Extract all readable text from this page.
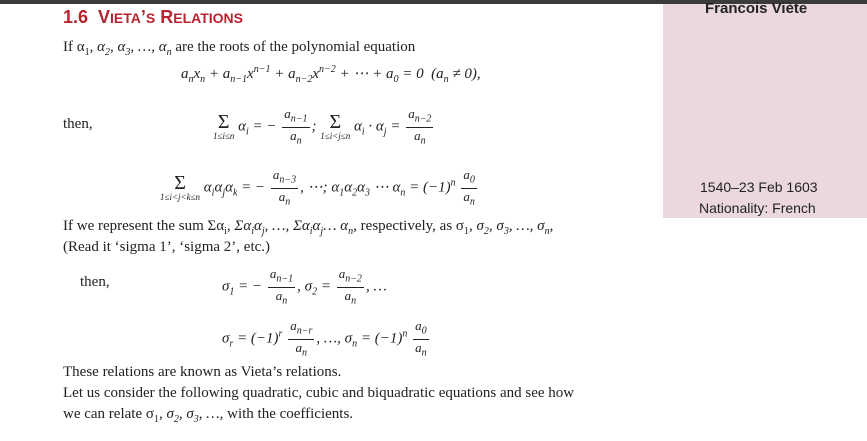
Francois Viète
1540–23 Feb 1603
Nationality: French
1.6 VIETA’S RELATIONS
If $\alpha_1$, $\alpha_2$, $\alpha_3$, …, $\alpha_n$ are the roots of the polynomial equation
$a_nx_n + a_{n-1}x^{n-1} + a_{n-2}x^{n-2}$ + ⋯ + $a_0 = 0$  $(a_n \ne 0)$,
then,	Σ
1≤i≤n
$\alpha_i$ = − $\frac{a_{n-1}}{a_n}$ ; Σ
1≤i<j≤n
$\alpha_i \cdot \alpha_j = \frac{a_{n-2}}{a_n}$
Σ
1≤i<j<k≤n
$\alpha_i\alpha_j\alpha_k$ = − $\frac{a_{n-3}}{a_n}$ , ⋯; $\alpha_1\alpha_2\alpha_3$ ⋯ $\alpha_n = (-1)^n \frac{a_0}{a_n}$
If we represent the sum $\Sigma\alpha_i$, $\Sigma\alpha_i\alpha_j$, …, $\Sigma\alpha_i\alpha_j\dots$ $\alpha_n$, respectively, as $\sigma_1$, $\sigma_2$, $\sigma_3$, …, $\sigma_n$,
(Read it ‘sigma 1’, ‘sigma 2’, etc.)
then,	$\sigma_1$ = − $\frac{a_{n-1}}{a_n}$ , $\sigma_2 = \frac{a_{n-2}}{a_n}$ , …
$\sigma_r = (-1)^r \frac{a_{n-r}}{a_n}$ , …, $\sigma_n = (-1)^n \frac{a_0}{a_n}$
These relations are known as Vieta’s relations.
Let us consider the following quadratic, cubic and biquadratic equations and see how
we can relate $\sigma_1$, $\sigma_2$, $\sigma_3$, …, with the coefficients.
